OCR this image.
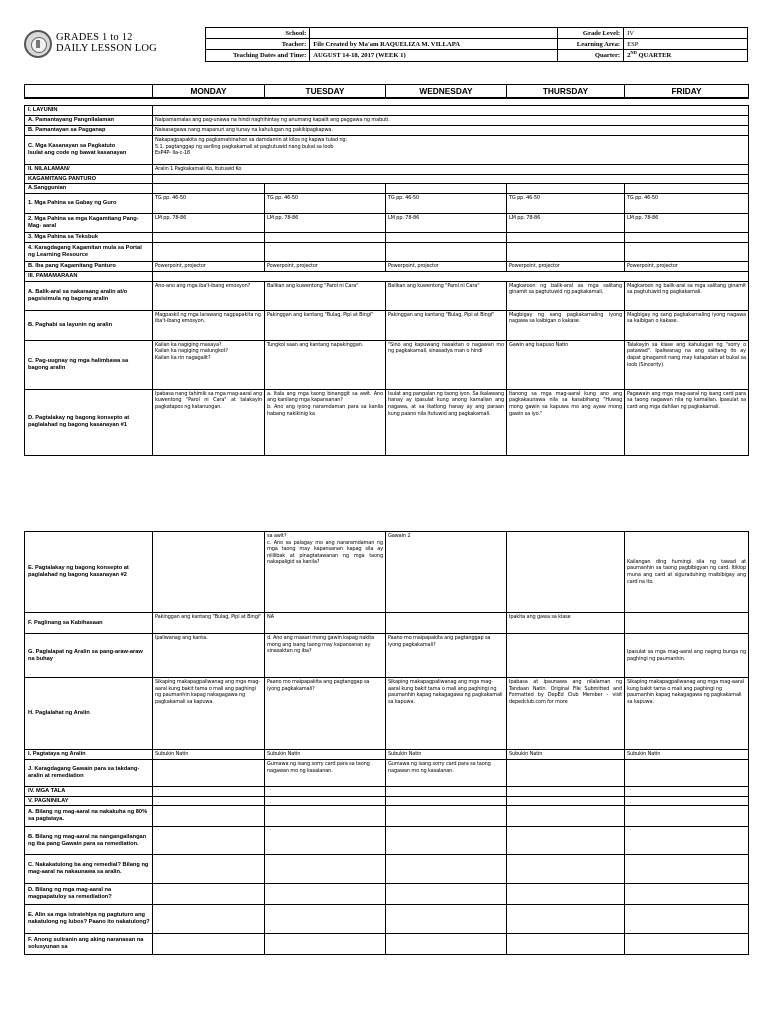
GRADES 1 to 12
DAILY LESSON LOG	School:		Grade Level:	IV
	Teacher:	File Created by Ma'am RAQUELIZA M. VILLAPA	Learning Area:	ESP
	Teaching Dates and Time:	AUGUST 14-18, 2017 (WEEK 1)	Quarter:	2ND QUARTER

	MONDAY	TUESDAY	WEDNESDAY	THURSDAY	FRIDAY

I. LAYUNIN					
A. Pamantayang Pangnilalaman	Naipamamalas ang pag-unawa na hindi naghihintay ng anumang kapalit ang paggawa ng mabuti.				
B. Pamantayan sa Pagganap	Naisasagawa nang mapanuri ang tunay na kahulugan ng pakikipagkapwa.				
C. Mga Kasanayan sa Pagkatuto
Isulat ang code ng bawat kasanayan	Nakapagpapakita ng pagkamahinahon sa damdamin at kilos ng kapwa tulad ng:
5.1. pagtanggap ng sariling pagkakamali at pagtutuwid nang bukal sa loob
EsP4P- IIa-c-18				
II. NILALAMAN/	Aralin 1 Pagkakamali Ko, Itutuwid Ko				
KAGAMITANG PANTURO					
A.Sanggunian					
1. Mga Pahina sa Gabay ng Guro	TG pp. 46-50	TG pp. 46-50	TG pp. 46-50	TG pp. 46-50	TG pp. 46-50
2. Mga Pahina sa mga Kagamitang Pang- Mag- aaral	LM pp. 78-86	LM pp. 78-86	LM pp. 78-86	LM pp. 78-86	LM pp. 78-86
3. Mga Pahina sa Teksbuk					
4. Karagdagang Kagamitan mula sa Portal ng Learning Resource					
B. Iba pang Kagamitang Panturo	Powerpoint, projector	Powerpoint, projector	Powerpoint, projector	Powerpoint, projector	Powerpoint, projector
III. PAMAMARAAN					
A. Balik-aral sa nakaraang aralin at/o pagsisimula ng bagong aralin	Ano-ano ang mga iba't-ibang emosyon?	Balikan ang kuwentong "Parol ni Cara"	Balikan ang kuwentong "Parol ni Cara"	Magkaroon ng balik-aral sa mga salitang ginamit sa pagtutuwid ng pagkakamali.	Magkaroon ng balik-aral sa mga salitang ginamit sa pagtutuwid ng pagkakamali.
B. Paghabi sa layunin ng aralin	Magpaskil ng mga larawang nagpapakita ng iba't-ibang emosyon.	Pakinggan ang kantang "Bulag, Pipi at Bingi"	Pakinggan ang kantang "Bulag, Pipi at Bingi"	Magbigay ng sang pagkakamaling iyong nagawa sa kaibigan o kakase.	Magbigay ng sang pagkakamaling iyong nagawa sa kaibigan o kakase.
C. Pag-uugnay ng mga halimbawa sa bagong aralin	Kailan ka nagiging masaya?
Kailan ka nagiging malungkot?
Kailan ka rin nagagalit?	Tungkol saan ang kantang napakinggan.	"Sino ang kapuwang nasaktan o nagawan mo ng pagkakamali, sinasadya man o hindi	Gawin ang Isapuso Natin	Talakayin sa klase ang kahulugan ng "sorry o patawad". Ipaliwanag na ang salitang ito ay dapat ginagamit nang may katapatan at bukal sa loob (Sincerity).
D. Pagtalakay ng bagong konsepto at paglalahad ng bagong kasanayan #1	Ipabasa nang tahimik sa mga mag-aaral ang kuwentong "Parol ni Cara" at talakayin pagkatapos ng katanungan.	a. Itala ang mga taong binanggit sa awit. Ano ang kanilang mga kapansanan?
b. Ano ang iyong naramdaman para sa kanila habang nakikinig ka	Isulat ang pangalan ng taong iyon. Sa ikalawang hanay ay ipasulat kung anong kamalian ang nagawa, at sa ikatlong hanay ay ang paraan kung paano nila itutuwid ang pagkakamali.	Itanong sa mga mag-aaral kung ano ang pagkakaunawa nila sa kasabihang "Huwag mong gawin sa kapuwa mo ang ayaw mong gawin sa iyo."	Pagawain ang mga mag-aaral ng isang card para sa taong nagawan nila ng kamalian. Ipasulat sa card ang mga dahilan ng pagkakamali.
E. Pagtalakay ng bagong konsepto at paglalahad ng bagong kasanayan #2		sa awit?
c. Ano sa palagay mo ang nararamdaman ng mga taong may kapansanan kapag sila ay nililibak at pinagtatawanan ng mga taong nakapaligid sa kanila?	Gawain 2		Kailangan ding humingi sila ng tawad at paumanhin sa taong pagbibigyan ng card. Itiklop muna ang card at siguraduhing maibibigay ang card na ito.
F. Paglinang sa Kabihasaan	Pakinggan ang kantang "Bulag, Pipi at Bingi"	NA		Ipakita ang gawa sa klase	
G. Paglalapat ng Aralin sa pang-araw-araw na buhay	Ipaliwanag ang kanta.	d. Ano ang maaari mong gawin kapag nakita mong ang isang taong may kapansanan ay sinasaktan ng iba?	Paano mo maipapakita ang pagtanggap sa iyong pagkakamali?		Ipasulat sa mga mag-aaral ang naging bunga ng paghingi ng paumanhin.
H. Paglalahat ng Aralin	Sikaping makapagpaliwanag ang mga mag-aaral kung bakit tama o mali ang paghingi ng paumanhin kapag nakagagawa ng pagkakamali sa kapuwa.	Paano mo maipapakita ang pagtanggap sa iyong pagkakamali?	Sikaping makapagpaliwanag ang mga mag-aaral kung bakit tama o mali ang paghingi ng paumanhin kapag nakagagawa ng pagkakamali sa kapuwa.	Ipabasa at ipaunawa ang nilalaman ng Tandaan Natin. Original File Submitted and Formatted by DepEd Club Member - visit depedclub.com for more	Sikaping makapagpaliwanag ang mga mag-aaral kung bakit tama o mali ang paghingi ng paumanhin kapag nakagagawa ng pagkakamali sa kapuwa.
I. Pagtataya ng Aralin	Subukin Natin	Subukin Natin	Subukin Natin	Subukin Natin	Subukin Natin
J. Karagdagang Gawain para sa takdang- aralin at remediation		Gumawa ng isang sorry card para sa taong nagawan mo ng kasalanan.	Gumawa ng isang sorry card para sa taong nagawan mo ng kasalanan.		
IV. MGA TALA					
V. PAGNINILAY					
A. Bilang ng mag-aaral na nakakuha ng 80% sa pagtataya.					
B. Bilang ng mag-aaral na nangangailangan ng iba pang Gawain para sa remediation.					
C. Nakakatulong ba ang remedial? Bilang ng mag-aaral na nakaunawa sa aralin.					
D. Bilang ng mga mag-aaral na magpapatuloy sa remediation?					
E. Alin sa mga istratehiya ng pagtuturo ang nakatulong ng lubos? Paano ito nakatulong?					
F. Anong suliranin ang aking naranasan na solusyunan sa					
